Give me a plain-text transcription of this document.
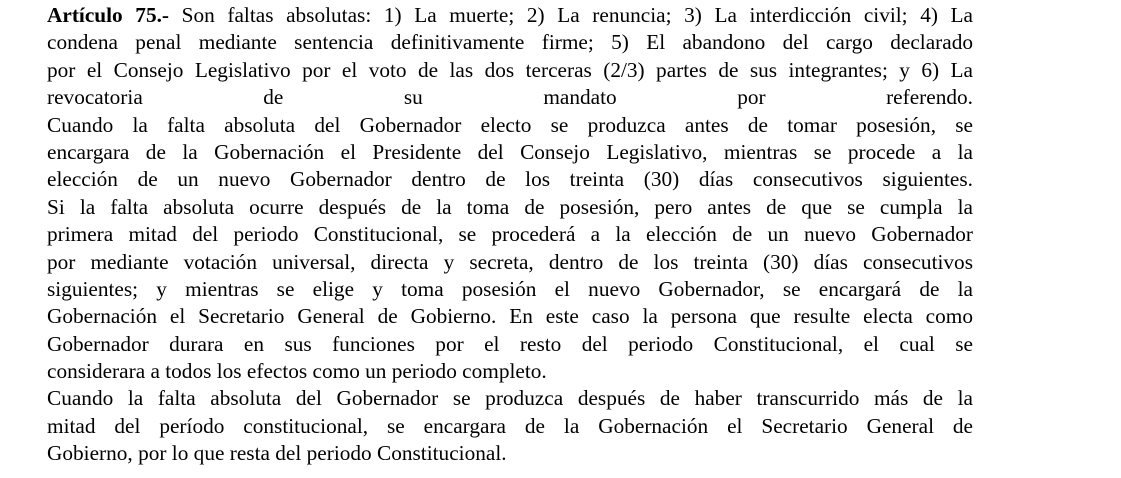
Artículo 75.- Son faltas absolutas: 1) La muerte; 2) La renuncia; 3) La interdicción civil; 4) La
condena penal mediante sentencia definitivamente firme; 5) El abandono del cargo declarado
por el Consejo Legislativo por el voto de las dos terceras (2/3) partes de sus integrantes; y 6) La
revocatoria de su mandato por referendo.
Cuando la falta absoluta del Gobernador electo se produzca antes de tomar posesión, se
encargara de la Gobernación el Presidente del Consejo Legislativo, mientras se procede a la
elección de un nuevo Gobernador dentro de los treinta (30) días consecutivos siguientes.
Si la falta absoluta ocurre después de la toma de posesión, pero antes de que se cumpla la
primera mitad del periodo Constitucional, se procederá a la elección de un nuevo Gobernador
por mediante votación universal, directa y secreta, dentro de los treinta (30) días consecutivos
siguientes; y mientras se elige y toma posesión el nuevo Gobernador, se encargará de la
Gobernación el Secretario General de Gobierno. En este caso la persona que resulte electa como
Gobernador durara en sus funciones por el resto del periodo Constitucional, el cual se
considerara a todos los efectos como un periodo completo.
Cuando la falta absoluta del Gobernador se produzca después de haber transcurrido más de la
mitad del período constitucional, se encargara de la Gobernación el Secretario General de
Gobierno, por lo que resta del periodo Constitucional.
